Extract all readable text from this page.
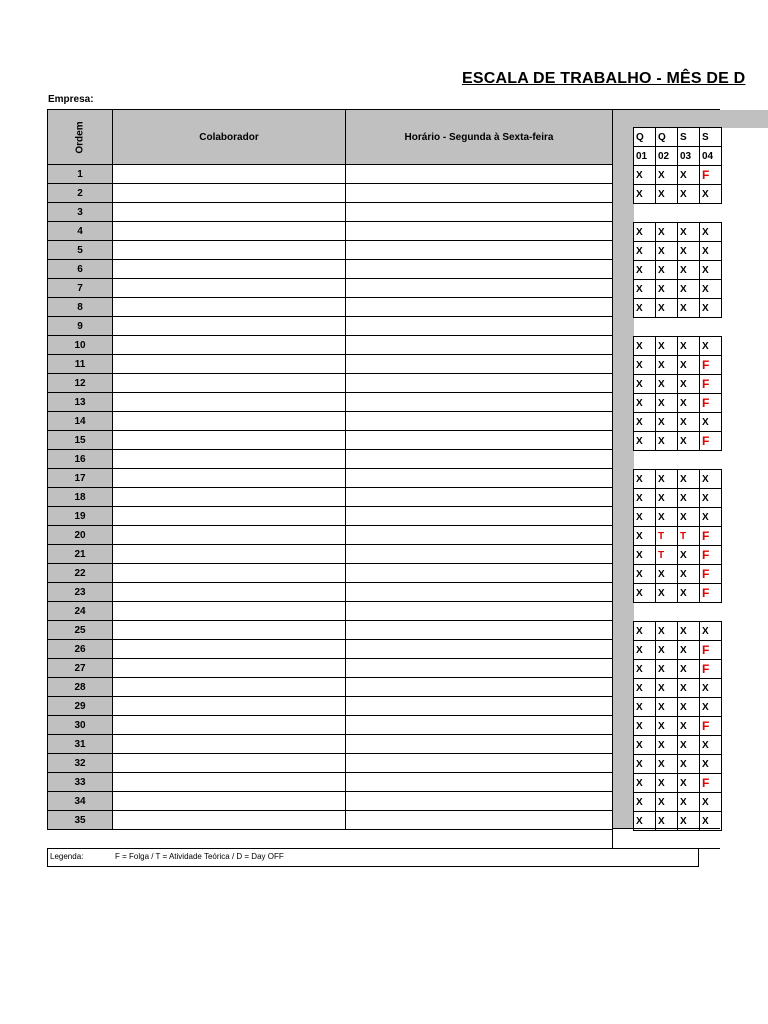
ESCALA DE TRABALHO - MÊS DE D
Empresa:
Ordem	Colaborador	Horário - Segunda à Sexta-feira
1		
2		
3		
4		
5		
6		
7		
8		
9		
10		
11		
12		
13		
14		
15		
16		
17		
18		
19		
20		
21		
22		
23		
24		
25		
26		
27		
28		
29		
30		
31		
32		
33		
34		
35		
Q	Q	S	S
01	02	03	04
X	X	X	F
X	X	X	X

X	X	X	X
X	X	X	X
X	X	X	X
X	X	X	X
X	X	X	X

X	X	X	X
X	X	X	F
X	X	X	F
X	X	X	F
X	X	X	X
X	X	X	F

X	X	X	X
X	X	X	X
X	X	X	X
X	T	T	F
X	T	X	F
X	X	X	F
X	X	X	F

X	X	X	X
X	X	X	F
X	X	X	F
X	X	X	X
X	X	X	X
X	X	X	F
X	X	X	X
X	X	X	X
X	X	X	F
X	X	X	X
X	X	X	X
Legenda:	F = Folga / T = Atividade Teórica / D = Day OFF
